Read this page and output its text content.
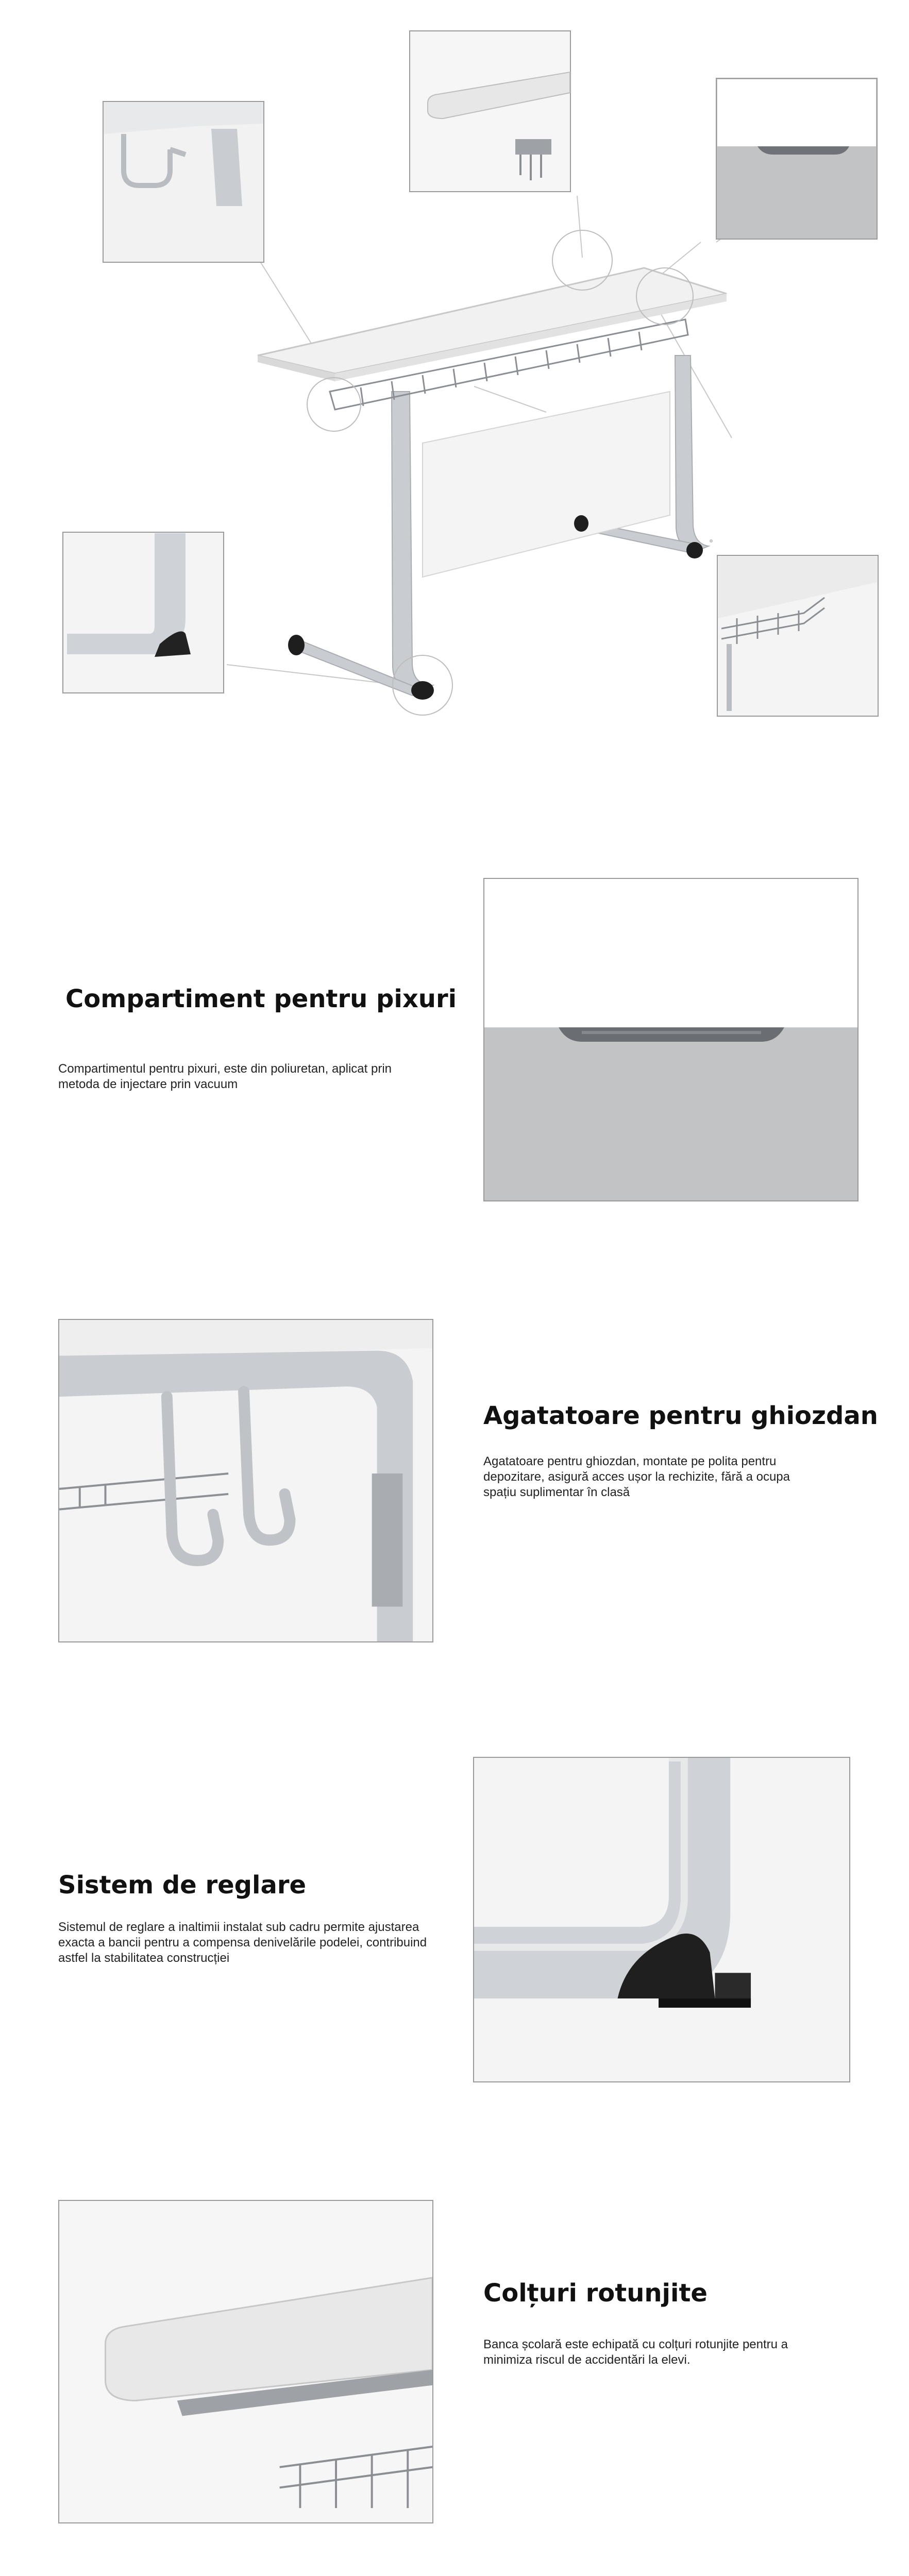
Compartiment pentru pixuri

Compartimentul pentru pixuri, este din poliuretan, aplicat prin metoda de injectare prin vacuum

Agatatoare pentru ghiozdan

Agatatoare pentru ghiozdan, montate pe polita pentru depozitare, asigură acces ușor la rechizite, fără a ocupa spațiu suplimentar în clasă

Sistem de reglare

Sistemul de reglare a inaltimii instalat sub cadru permite ajustarea exacta a bancii pentru a compensa denivelările podelei, contribuind astfel la stabilitatea construcției

Colțuri rotunjite

Banca școlară este echipată cu colțuri rotunjite pentru a minimiza riscul de accidentări la elevi.
